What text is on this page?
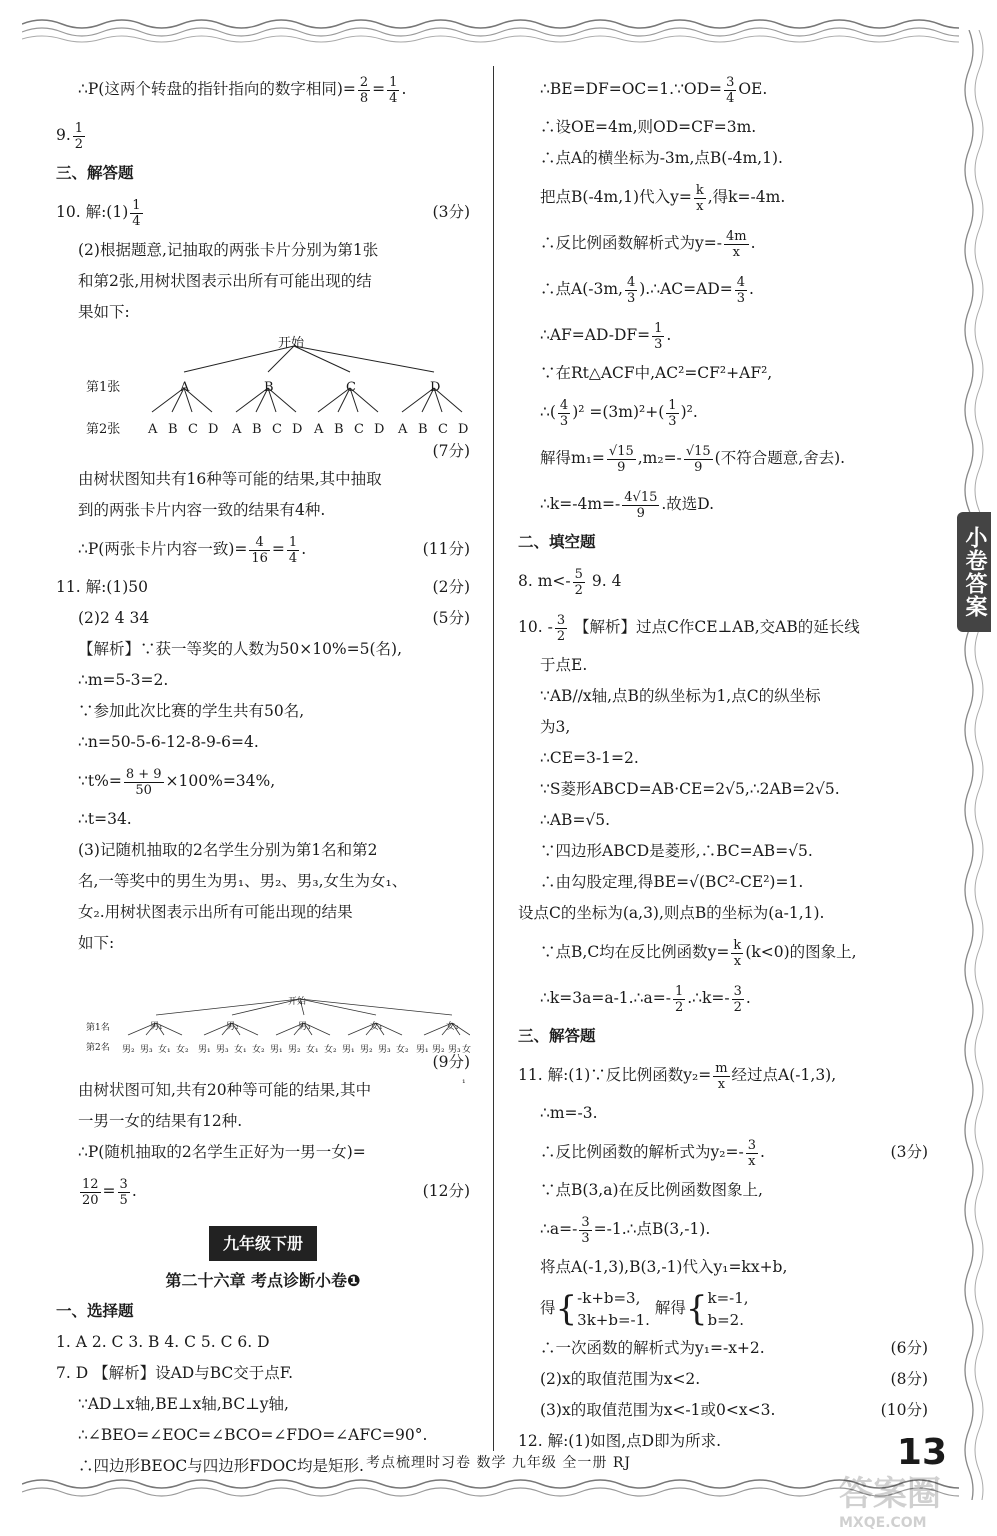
小卷答案
∴P(这两个转盘的指针指向的数字相同)= $\frac{2}{8} = \frac{1}{4}$ .
9. $\frac{1}{2}$
三、解答题
10. 解:(1) $\frac{1}{4}$	(3分)
(2)根据题意,记抽取的两张卡片分别为第1张
和第2张,用树状图表示出所有可能出现的结
果如下:
开始
第1张
第2张
A	B	C	D
A B C D A B C D A B C D A B C D
(7分)
由树状图知共有16种等可能的结果,其中抽取
到的两张卡片内容一致的结果有4种.
∴P(两张卡片内容一致)= $\frac{4}{16} = \frac{1}{4}$ .	(11分)
11. 解:(1)50	(2分)
(2)2 4 34	(5分)
【解析】∵获一等奖的人数为50×10%=5(名),
∴m=5-3=2.
∵参加此次比赛的学生共有50名,
∴n=50-5-6-12-8-9-6=4.
∵t%= $\frac{8 + 9}{50} \times 100\%=34\%$,
∴t=34.
(3)记随机抽取的2名学生分别为第1名和第2
名,一等奖中的男生为男₁、男₂、男₃,女生为女₁、
女₂.用树状图表示出所有可能出现的结果
如下:
开始
第1名
第2名
男₁	男₂	男₃	女₁	女₂
男₂ 男₃ 女₁ 女₂ 男₁ 男₃ 女₁ 女₂ 男₁ 男₂ 女₁ 女₂ 男₁ 男₂ 男₃ 女₂ 男₁ 男₂ 男₃ 女₁
(9分)
由树状图可知,共有20种等可能的结果,其中
一男一女的结果有12种.
∴P(随机抽取的2名学生正好为一男一女)=
$\frac{12}{20} = \frac{3}{5}$ .	(12分)
九年级下册
第二十六章 考点诊断小卷❶
一、选择题
1. A 2. C 3. B 4. C 5. C 6. D
7. D 【解析】设AD与BC交于点F.
∵AD⊥x轴,BE⊥x轴,BC⊥y轴,
∴∠BEO=∠EOC=∠BCO=∠FDO=∠AFC=90°.
∴四边形BEOC与四边形FDOC均是矩形.
∴BE=DF=OC=1.∵OD= $\frac{3}{4}$ OE.
∴设OE=4m,则OD=CF=3m.
∴点A的横坐标为-3m,点B(-4m,1).
把点B(-4m,1)代入$y= \frac{k}{x}$ ,得k=-4m.
∴反比例函数解析式为$y=- \frac{4m}{x}$ .
∴点A(-3m, $\frac{4}{3}$ ).∴AC=AD= $\frac{4}{3}$ .
∴AF=AD-DF= $\frac{1}{3}$ .
∵在Rt△ACF中,AC²=CF²+AF²,
∴( $\frac{4}{3} )^2 =(3m)^2+( \frac{1}{3} )^2$.
解得$m_1= \frac{√15}{9} ,m_2=- \frac{√15}{9}$ (不符合题意,舍去).
∴k=-4m=- $\frac{4√15}{9}$ .故选D.
二、填空题
8. $m<- \frac{5}{2} 9$. 4
10. - $\frac{3}{2}$ 【解析】过点C作CE⊥AB,交AB的延长线
于点E.
∵AB//x轴,点B的纵坐标为1,点C的纵坐标
为3,
∴CE=3-1=2.
∵S菱形ABCD=AB·CE=2√5,∴2AB=2√5.
∴AB=√5.
∵四边形ABCD是菱形,∴BC=AB=√5.
∴由勾股定理,得BE=√(BC²-CE²)=1.
设点C的坐标为(a,3),则点B的坐标为(a-1,1).
∵点B,C均在反比例函数$y= \frac{k}{x} (k<0)$的图象上,
∴k=3a=a-1.∴a=- $\frac{1}{2}$ .∴k=- $\frac{3}{2}$ .
三、解答题
11. 解:(1)∵反比例函数$y_2= \frac{m}{x}$ 经过点A(-1,3),
∴m=-3.
∴反比例函数的解析式为$y_2=- \frac{3}{x}$ .	(3分)
∵点B(3,a)在反比例函数图象上,
∴a=- $\frac{3}{3}$ =-1.∴点B(3,-1).
将点A(-1,3),B(3,-1)代入y₁=kx+b,
得{ -k+b=3,
3k+b=-1.
解得{ k=-1,
b=2.
∴一次函数的解析式为y₁=-x+2.	(6分)
(2)x的取值范围为x<2.	(8分)
(3)x的取值范围为x<-1或0<x<3.	(10分)
12. 解:(1)如图,点D即为所求.
考点梳理时习卷 数学 九年级 全一册 RJ	13
答案圈
MXQE.COM
